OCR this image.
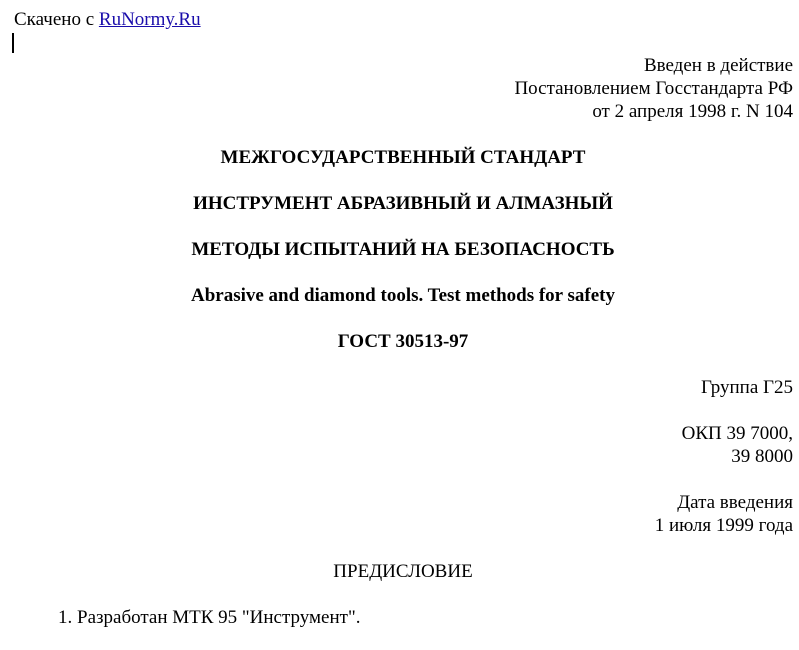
Скачено с RuNormy.Ru
Введен в действие
Постановлением Госстандарта РФ
от 2 апреля 1998 г. N 104
МЕЖГОСУДАРСТВЕННЫЙ СТАНДАРТ
ИНСТРУМЕНТ АБРАЗИВНЫЙ И АЛМАЗНЫЙ
МЕТОДЫ ИСПЫТАНИЙ НА БЕЗОПАСНОСТЬ
Abrasive and diamond tools. Test methods for safety
ГОСТ 30513-97
Группа Г25
ОКП 39 7000,
39 8000
Дата введения
1 июля 1999 года
ПРЕДИСЛОВИЕ
1. Разработан МТК 95 "Инструмент".
